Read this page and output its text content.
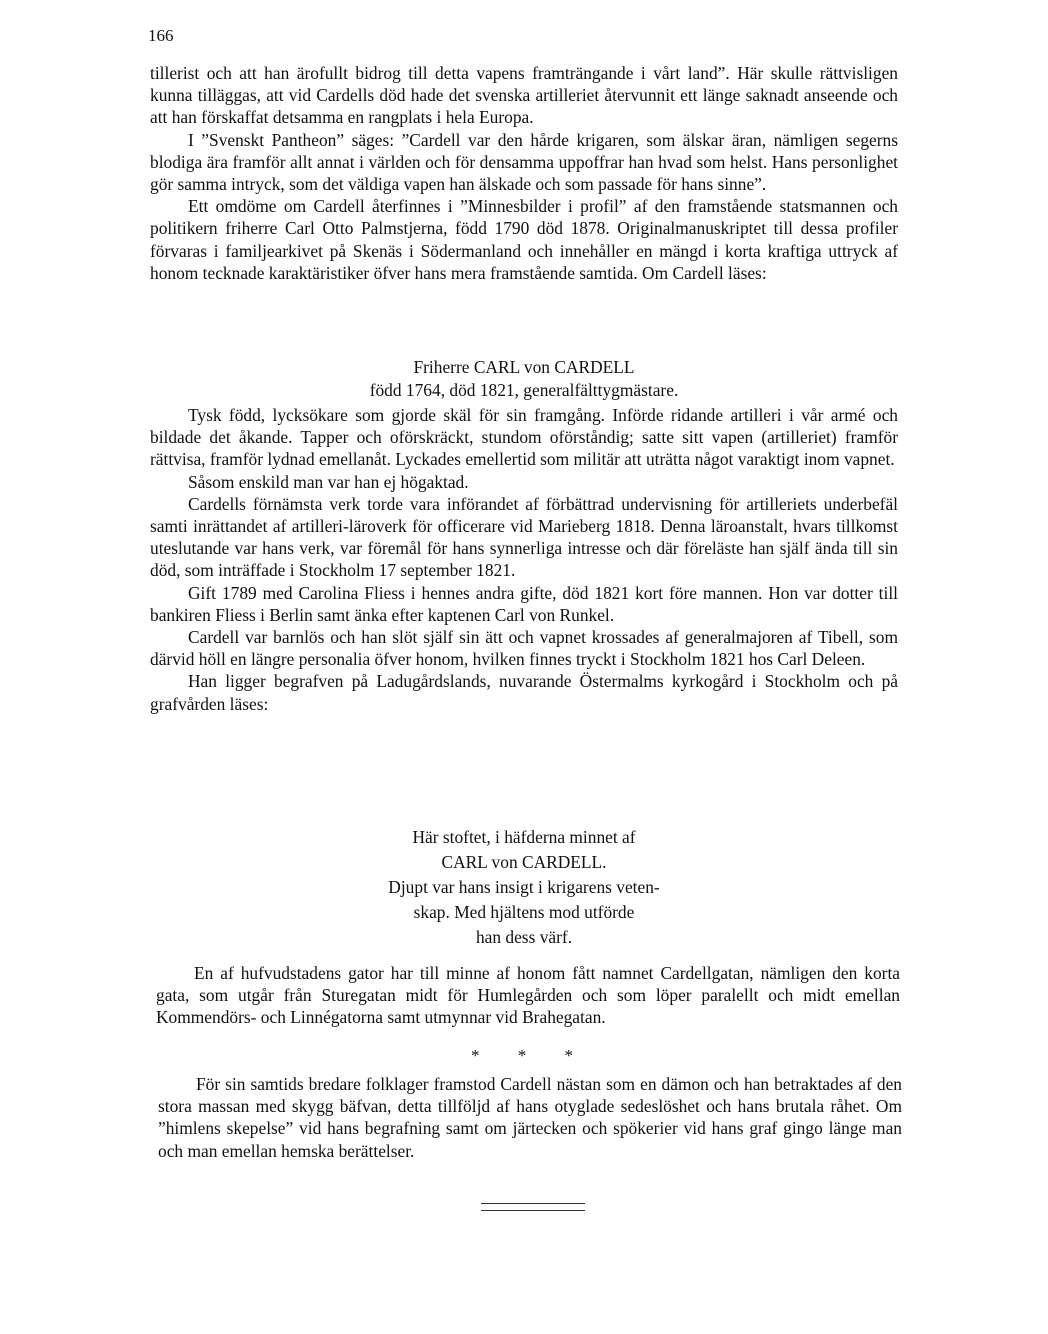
166

tillerist och att han ärofullt bidrog till detta vapens framträngande i vårt land”. Här skulle rättvisligen kunna tilläggas, att vid Cardells död hade det svenska artilleriet återvunnit ett länge saknadt anseende och att han förskaffat detsamma en rangplats i hela Europa.

I ”Svenskt Pantheon” säges: ”Cardell var den hårde krigaren, som älskar äran, nämligen segerns blodiga ära framför allt annat i världen och för densamma uppoffrar han hvad som helst. Hans personlighet gör samma intryck, som det väldiga vapen han älskade och som passade för hans sinne”.

Ett omdöme om Cardell återfinnes i ”Minnesbilder i profil” af den framstående statsmannen och politikern friherre Carl Otto Palmstjerna, född 1790 död 1878. Originalmanuskriptet till dessa profiler förvaras i familjearkivet på Skenäs i Södermanland och innehåller en mängd i korta kraftiga uttryck af honom tecknade karaktäristiker öfver hans mera framstående samtida. Om Cardell läses:

Friherre CARL von CARDELL
född 1764, död 1821, generalfälttygmästare.

Tysk född, lycksökare som gjorde skäl för sin framgång. Införde ridande artilleri i vår armé och bildade det åkande. Tapper och oförskräckt, stundom oförståndig; satte sitt vapen (artilleriet) framför rättvisa, framför lydnad emellanåt. Lyckades emellertid som militär att uträtta något varaktigt inom vapnet.

Såsom enskild man var han ej högaktad.

Cardells förnämsta verk torde vara införandet af förbättrad undervisning för artilleriets underbefäl samti inrättandet af artilleri-läroverk för officerare vid Marieberg 1818. Denna läroanstalt, hvars tillkomst uteslutande var hans verk, var föremål för hans synnerliga intresse och där föreläste han själf ända till sin död, som inträffade i Stockholm 17 september 1821.

Gift 1789 med Carolina Fliess i hennes andra gifte, död 1821 kort före mannen. Hon var dotter till bankiren Fliess i Berlin samt änka efter kaptenen Carl von Runkel.

Cardell var barnlös och han slöt själf sin ätt och vapnet krossades af generalmajoren af Tibell, som därvid höll en längre personalia öfver honom, hvilken finnes tryckt i Stockholm 1821 hos Carl Deleen.

Han ligger begrafven på Ladugårdslands, nuvarande Östermalms kyrkogård i Stockholm och på grafvården läses:

Här stoftet, i häfderna minnet af
CARL von CARDELL.
Djupt var hans insigt i krigarens veten-
skap. Med hjältens mod utförde
han dess värf.

En af hufvudstadens gator har till minne af honom fått namnet Cardellgatan, nämligen den korta gata, som utgår från Sturegatan midt för Humlegården och som löper paralellt och midt emellan Kommendörs- och Linnégatorna samt utmynnar vid Brahegatan.

* * *

För sin samtids bredare folklager framstod Cardell nästan som en dämon och han betraktades af den stora massan med skygg bäfvan, detta tillföljd af hans otyglade sedeslöshet och hans brutala råhet. Om ”himlens skepelse” vid hans begrafning samt om järtecken och spökerier vid hans graf gingo länge man och man emellan hemska berättelser.
